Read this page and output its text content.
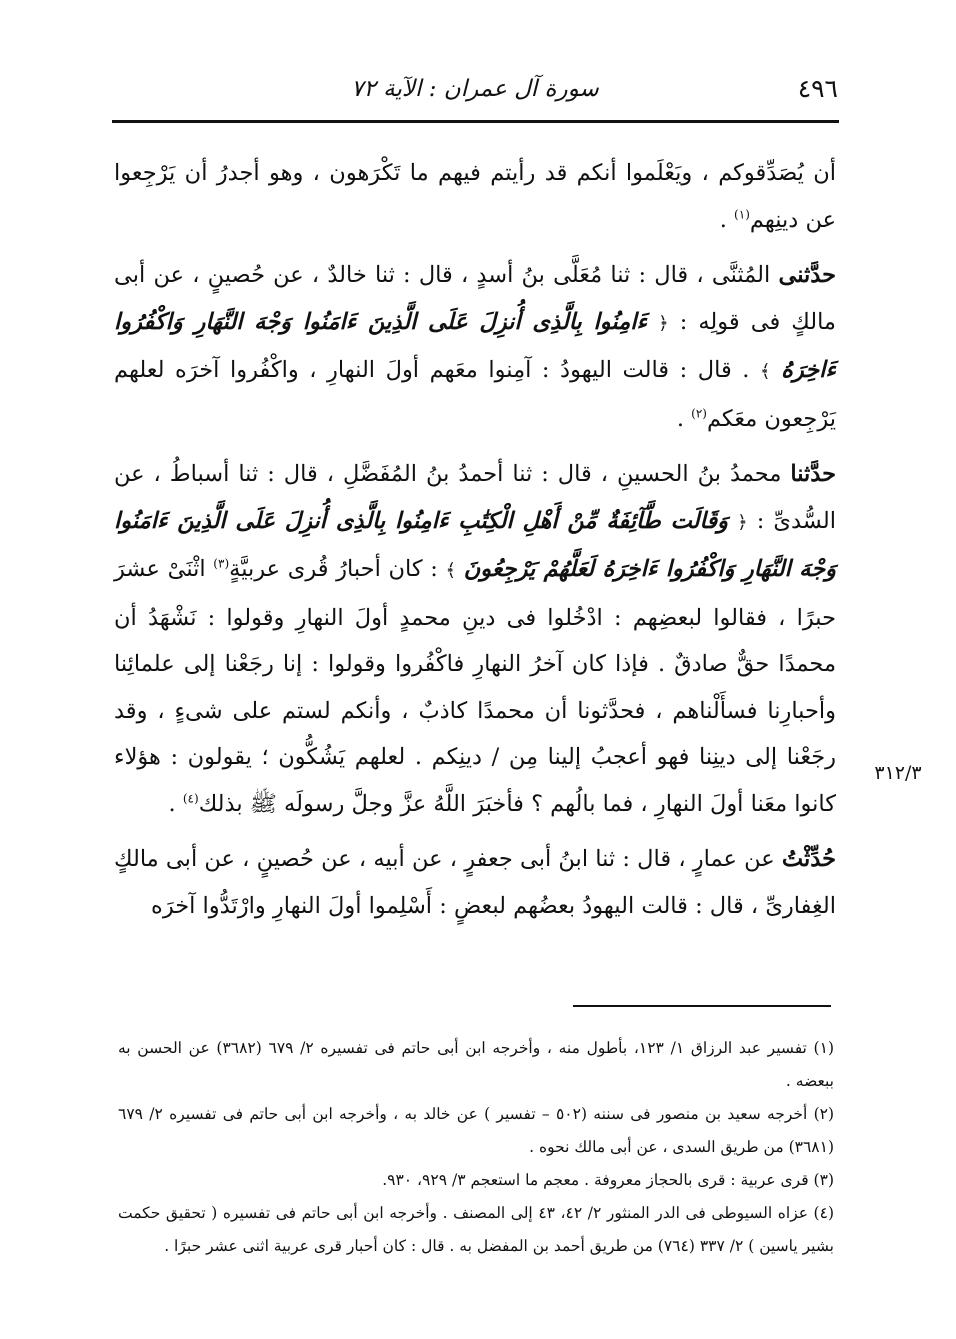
٤٩٦
سورة آل عمران : الآية ٧٢

أن يُصَدِّقوكم ، ويَعْلَموا أنكم قد رأيتم فيهم ما تَكْرَهون ، وهو أجدرُ أن يَرْجِعوا عن دينِهم$^{(١)}$ .

حدَّثنى المُثنَّى ، قال : ثنا مُعَلَّى بنُ أسدٍ ، قال : ثنا خالدٌ ، عن حُصينٍ ، عن أبى مالكٍ فى قولِه : ﴿ ءَامِنُوا بِالَّذِى أُنزِلَ عَلَى الَّذِينَ ءَامَنُوا وَجْهَ النَّهَارِ وَاكْفُرُوا ءَاخِرَهُ ﴾ . قال : قالت اليهودُ : آمِنوا معَهم أولَ النهارِ ، واكْفُروا آخرَه لعلهم يَرْجِعون معَكم$^{(٢)}$ .

حدَّثنا محمدُ بنُ الحسينِ ، قال : ثنا أحمدُ بنُ المُفَضَّلِ ، قال : ثنا أسباطُ ، عن السُّدىِّ : ﴿ وَقَالَت طَّآئِفَةٌ مِّنْ أَهْلِ الْكِتَٰبِ ءَامِنُوا بِالَّذِى أُنزِلَ عَلَى الَّذِينَ ءَامَنُوا وَجْهَ النَّهَارِ وَاكْفُرُوا ءَاخِرَهُ لَعَلَّهُمْ يَرْجِعُونَ ﴾ : كان أحبارُ قُرى عربيَّةٍ$^{(٣)}$ اثْنَىْ عشرَ حبرًا ، فقالوا لبعضِهم : ادْخُلوا فى دينِ محمدٍ أولَ النهارِ وقولوا : نَشْهَدُ أن محمدًا حقٌّ صادقٌ . فإذا كان آخرُ النهارِ فاكْفُروا وقولوا : إنا رجَعْنا إلى علمائِنا وأحبارِنا فسأَلْناهم ، فحدَّثونا أن محمدًا كاذبٌ ، وأنكم لستم على شىءٍ ، وقد رجَعْنا إلى دينِنا فهو أعجبُ إلينا مِن / دينِكم . لعلهم يَشُكُّون ؛ يقولون : هؤلاء كانوا معَنا أولَ النهارِ ، فما بالُهم ؟ فأخبَرَ اللَّهُ عزَّ وجلَّ رسولَه ﷺ بذلك$^{(٤)}$ .

حُدِّثْتُ عن عمارٍ ، قال : ثنا ابنُ أبى جعفرٍ ، عن أبيه ، عن حُصينٍ ، عن أبى مالكٍ الغِفارىِّ ، قال : قالت اليهودُ بعضُهم لبعضٍ : أَسْلِموا أولَ النهارِ وارْتَدُّوا آخرَه

٣١٢/٣

(١) تفسير عبد الرزاق ١/ ١٢٣، بأطول منه ، وأخرجه ابن أبى حاتم فى تفسيره ٢/ ٦٧٩ (٣٦٨٢) عن الحسن به ببعضه .

(٢) أخرجه سعيد بن منصور فى سننه (٥٠٢ – تفسير ) عن خالد به ، وأخرجه ابن أبى حاتم فى تفسيره ٢/ ٦٧٩ (٣٦٨١) من طريق السدى ، عن أبى مالك نحوه .

(٣) قرى عربية : قرى بالحجاز معروفة . معجم ما استعجم ٣/ ٩٢٩، ٩٣٠.

(٤) عزاه السيوطى فى الدر المنثور ٢/ ٤٢، ٤٣ إلى المصنف . وأخرجه ابن أبى حاتم فى تفسيره ( تحقيق حكمت بشير ياسين ) ٢/ ٣٣٧ (٧٦٤) من طريق أحمد بن المفضل به . قال : كان أحبار قرى عربية اثنى عشر حبرًا .
